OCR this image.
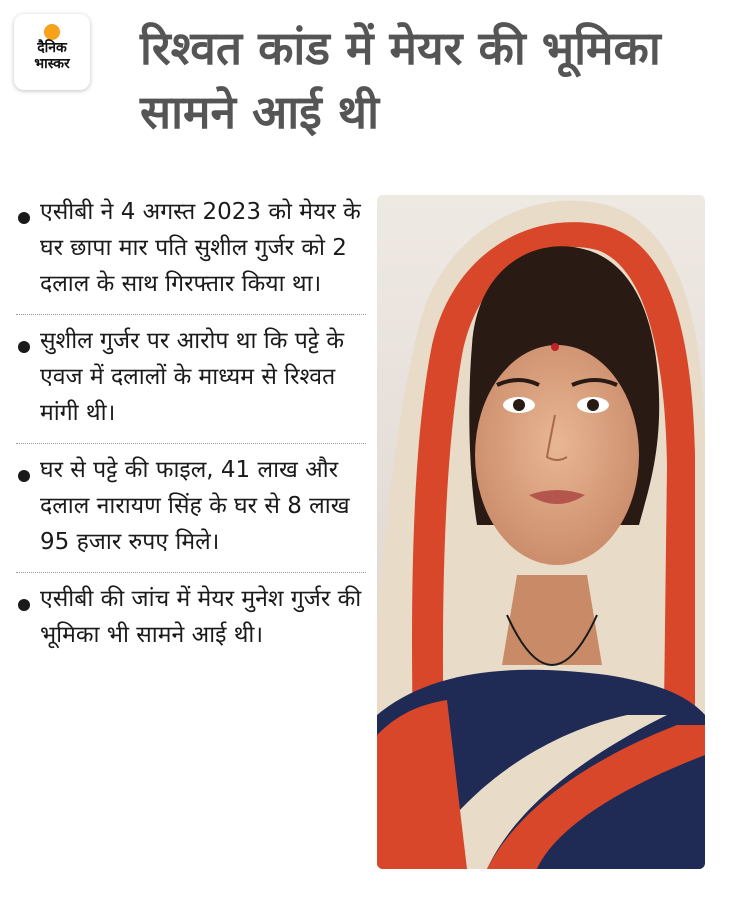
दैनिक
भास्कर रिश्वत कांड में मेयर की भूमिका सामने आई थी
एसीबी ने 4 अगस्त 2023 को मेयर के घर छापा मार पति सुशील गुर्जर को 2 दलाल के साथ गिरफ्तार किया था।
सुशील गुर्जर पर आरोप था कि पट्टे के एवज में दलालों के माध्यम से रिश्वत मांगी थी।
घर से पट्टे की फाइल, 41 लाख और दलाल नारायण सिंह के घर से 8 लाख 95 हजार रुपए मिले।
एसीबी की जांच में मेयर मुनेश गुर्जर की भूमिका भी सामने आई थी।
